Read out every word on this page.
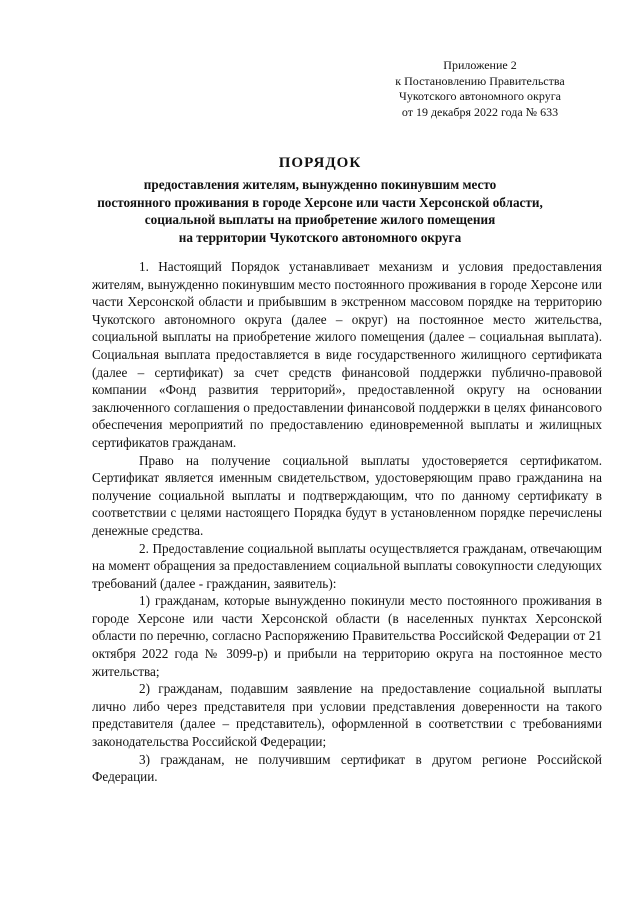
Приложение 2
к Постановлению Правительства
Чукотского автономного округа
от 19 декабря 2022 года № 633
ПОРЯДОК
предоставления жителям, вынужденно покинувшим место
постоянного проживания в городе Херсоне или части Херсонской области,
социальной выплаты на приобретение жилого помещения
на территории Чукотского автономного округа

1. Настоящий Порядок устанавливает механизм и условия предоставления жителям, вынужденно покинувшим место постоянного проживания в городе Херсоне или части Херсонской области и прибывшим в экстренном массовом порядке на территорию Чукотского автономного округа (далее – округ) на постоянное место жительства, социальной выплаты на приобретение жилого помещения (далее – социальная выплата). Социальная выплата предоставляется в виде государственного жилищного сертификата (далее – сертификат) за счет средств финансовой поддержки публично-правовой компании «Фонд развития территорий», предоставленной округу на основании заключенного соглашения о предоставлении финансовой поддержки в целях финансового обеспечения мероприятий по предоставлению единовременной выплаты и жилищных сертификатов гражданам.

Право на получение социальной выплаты удостоверяется сертификатом. Сертификат является именным свидетельством, удостоверяющим право гражданина на получение социальной выплаты и подтверждающим, что по данному сертификату в соответствии с целями настоящего Порядка будут в установленном порядке перечислены денежные средства.

2. Предоставление социальной выплаты осуществляется гражданам, отвечающим на момент обращения за предоставлением социальной выплаты совокупности следующих требований (далее - гражданин, заявитель):

1) гражданам, которые вынужденно покинули место постоянного проживания в городе Херсоне или части Херсонской области (в населенных пунктах Херсонской области по перечню, согласно Распоряжению Правительства Российской Федерации от 21 октября 2022 года № 3099-р) и прибыли на территорию округа на постоянное место жительства;

2) гражданам, подавшим заявление на предоставление социальной выплаты лично либо через представителя при условии представления доверенности на такого представителя (далее – представитель), оформленной в соответствии с требованиями законодательства Российской Федерации;

3) гражданам, не получившим сертификат в другом регионе Российской Федерации.
